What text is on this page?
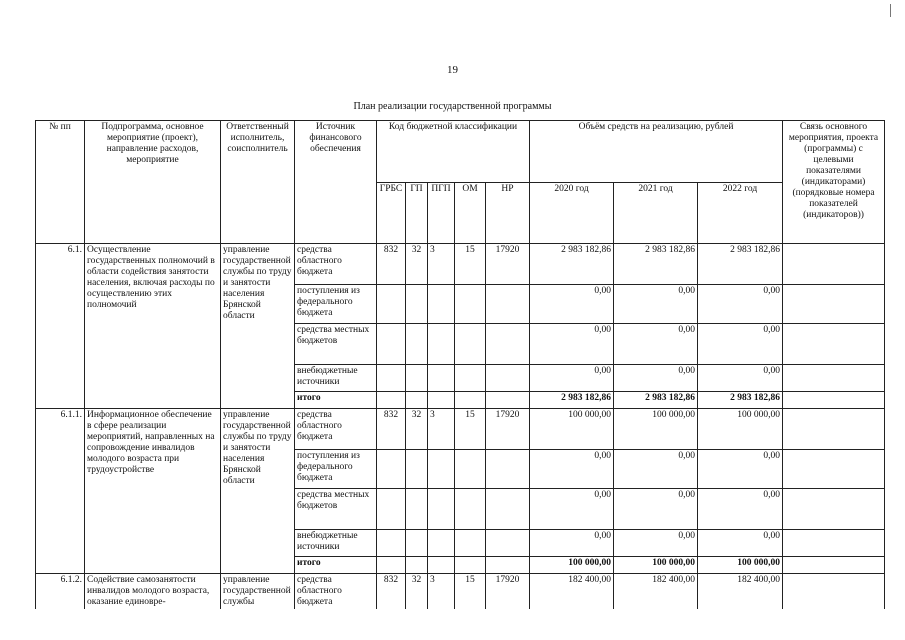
19
План реализации государственной программы
№ пп	Подпрограмма, основное мероприятие (проект), направление расходов, мероприятие	Ответственный исполнитель, соисполнитель	Источник финансового обеспечения	Код бюджетной классификации					Объём средств на реализацию, рублей			Связь основного мероприятия, проекта (программы) с целевыми показателями (индикаторами) (порядковые номера показателей (индикаторов))
				ГРБС	ГП	ПГП	ОМ	НР	2020 год	2021 год	2022 год	
6.1.	Осуществление государственных полномочий в области содействия занятости населения, включая расходы по осуществлению этих полномочий	управление государственной службы по труду и занятости населения Брянской области	средства областного бюджета	832	32	3	15	17920	2 983 182,86	2 983 182,86	2 983 182,86	
			поступления из федерального бюджета						0,00	0,00	0,00	
			средства местных бюджетов						0,00	0,00	0,00	
			внебюджетные источники						0,00	0,00	0,00	
			итого						2 983 182,86	2 983 182,86	2 983 182,86	
6.1.1.	Информационное обеспечение в сфере реализации мероприятий, направленных на сопровождение инвалидов молодого возраста при трудоустройстве	управление государственной службы по труду и занятости населения Брянской области	средства областного бюджета	832	32	3	15	17920	100 000,00	100 000,00	100 000,00	
			поступления из федерального бюджета						0,00	0,00	0,00	
			средства местных бюджетов						0,00	0,00	0,00	
			внебюджетные источники						0,00	0,00	0,00	
			итого						100 000,00	100 000,00	100 000,00	
6.1.2.	Содействие самозанятости инвалидов молодого возраста, оказание единовре-	управление государственной службы	средства областного бюджета	832	32	3	15	17920	182 400,00	182 400,00	182 400,00	
